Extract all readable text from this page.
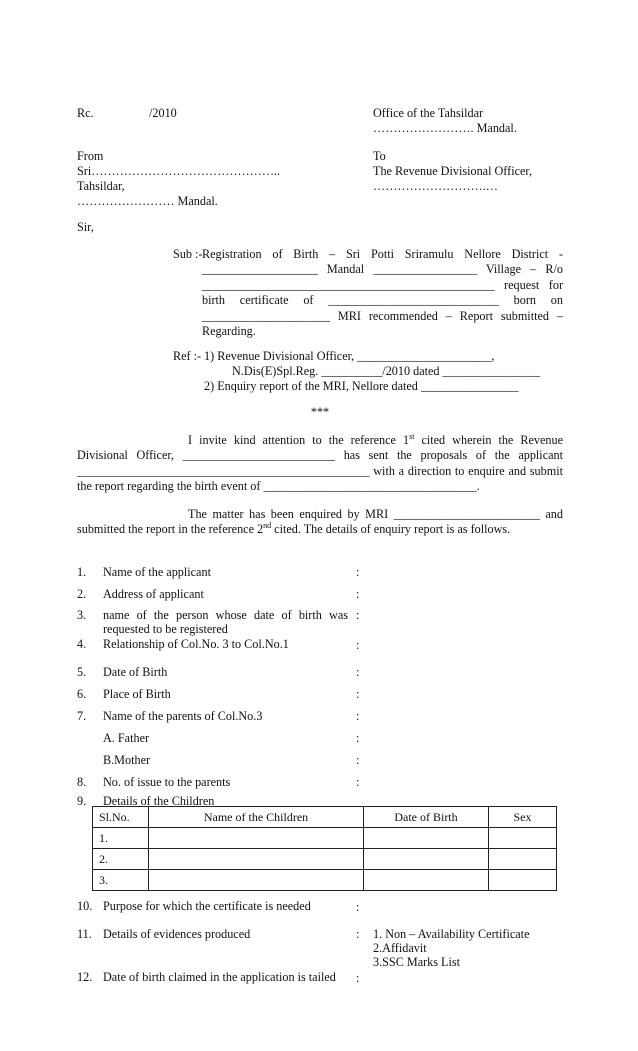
Rc.	/2010	Office of the Tahsildar
……………………. Mandal.
From
Sri………………………………………..
Tahsildar,
…………………… Mandal.
To
The Revenue Divisional Officer,
……………………….…
Sir,
Sub :- Registration of Birth – Sri Potti Sriramulu Nellore District - ___________________ Mandal _________________ Village – R/o ________________________________________________ request for birth certificate of ____________________________ born on _____________________ MRI recommended – Report submitted – Regarding.
Ref :- 1) Revenue Divisional Officer, ______________________,
N.Dis(E)Spl.Reg. __________/2010 dated ________________
2) Enquiry report of the MRI, Nellore dated ________________
***
I invite kind attention to the reference 1st cited wherein the Revenue Divisional Officer, _________________________ has sent the proposals of the applicant ________________________________________________ with a direction to enquire and submit the report regarding the birth event of ___________________________________.
The matter has been enquired by MRI ________________________ and submitted the report in the reference 2nd cited. The details of enquiry report is as follows.
1. Name of the applicant	:
2. Address of applicant	:
3. name of the person whose date of birth was requested to be registered
:
4. Relationship of Col.No. 3 to Col.No.1	:
5. Date of Birth	:
6. Place of Birth	:
7. Name of the parents of Col.No.3	:
A. Father	:
B.Mother	:
8. No. of issue to the parents	:
9. Details of the Children
Sl.No.	Name of the Children	Date of Birth	Sex
1.			
2.			
3.			
10. Purpose for which the certificate is needed	:
11. Details of evidences produced	: 1. Non – Availability Certificate
2.Affidavit
3.SSC Marks List
12. Date of birth claimed in the application is tailed :
